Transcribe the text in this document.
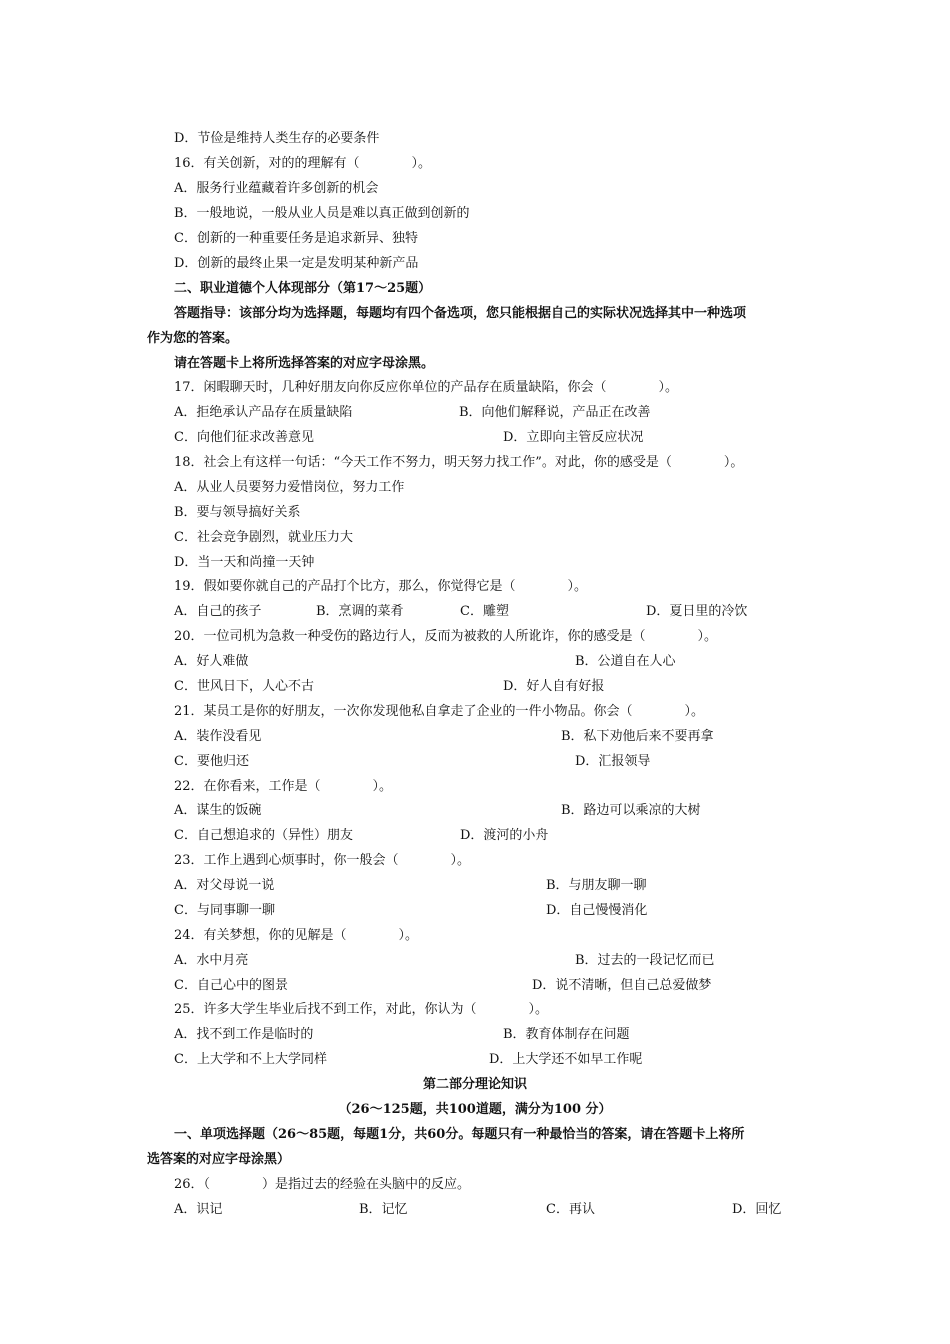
D．节俭是维持人类生存的必要条件
16．有关创新，对的的理解有（　　　　）。
A．服务行业蕴藏着许多创新的机会
B．一般地说，一般从业人员是难以真正做到创新的
C．创新的一种重要任务是追求新异、独特
D．创新的最终止果一定是发明某种新产品
二、职业道德个人体现部分（第17～25题）
答题指导：该部分均为选择题，每题均有四个备选项，您只能根据自己的实际状况选择其中一种选项
作为您的答案。
请在答题卡上将所选择答案的对应字母涂黑。
17．闲暇聊天时，几种好朋友向你反应你单位的产品存在质量缺陷，你会（　　　　）。
A．拒绝承认产品存在质量缺陷	B．向他们解释说，产品正在改善
C．向他们征求改善意见	D．立即向主管反应状况
18．社会上有这样一句话：“今天工作不努力，明天努力找工作”。对此，你的感受是（　　　　）。
A．从业人员要努力爱惜岗位，努力工作
B．要与领导搞好关系
C．社会竞争剧烈，就业压力大
D．当一天和尚撞一天钟
19．假如要你就自己的产品打个比方，那么，你觉得它是（　　　　）。
A．自己的孩子	B．烹调的菜肴	C．雕塑	D．夏日里的冷饮
20．一位司机为急救一种受伤的路边行人，反而为被救的人所讹诈，你的感受是（　　　　）。
A．好人难做	B．公道自在人心
C．世风日下，人心不古	D．好人自有好报
21．某员工是你的好朋友，一次你发现他私自拿走了企业的一件小物品。你会（　　　　）。
A．装作没看见	B．私下劝他后来不要再拿
C．要他归还	D．汇报领导
22．在你看来，工作是（　　　　）。
A．谋生的饭碗	B．路边可以乘凉的大树
C．自己想追求的（异性）朋友	D．渡河的小舟
23．工作上遇到心烦事时，你一般会（　　　　）。
A．对父母说一说	B．与朋友聊一聊
C．与同事聊一聊	D．自己慢慢消化
24．有关梦想，你的见解是（　　　　）。
A．水中月亮	B．过去的一段记忆而已
C．自己心中的图景	D．说不清晰，但自己总爱做梦
25．许多大学生毕业后找不到工作，对此，你认为（　　　　）。
A．找不到工作是临时的	B．教育体制存在问题
C．上大学和不上大学同样	D．上大学还不如早工作呢
第二部分理论知识
（26～125题，共100道题，满分为100 分）
一、单项选择题（26～85题，每题1分，共60分。每题只有一种最恰当的答案，请在答题卡上将所
选答案的对应字母涂黑）
26．（　　　　）是指过去的经验在头脑中的反应。
A．识记	B．记忆	C．再认	D．回忆
